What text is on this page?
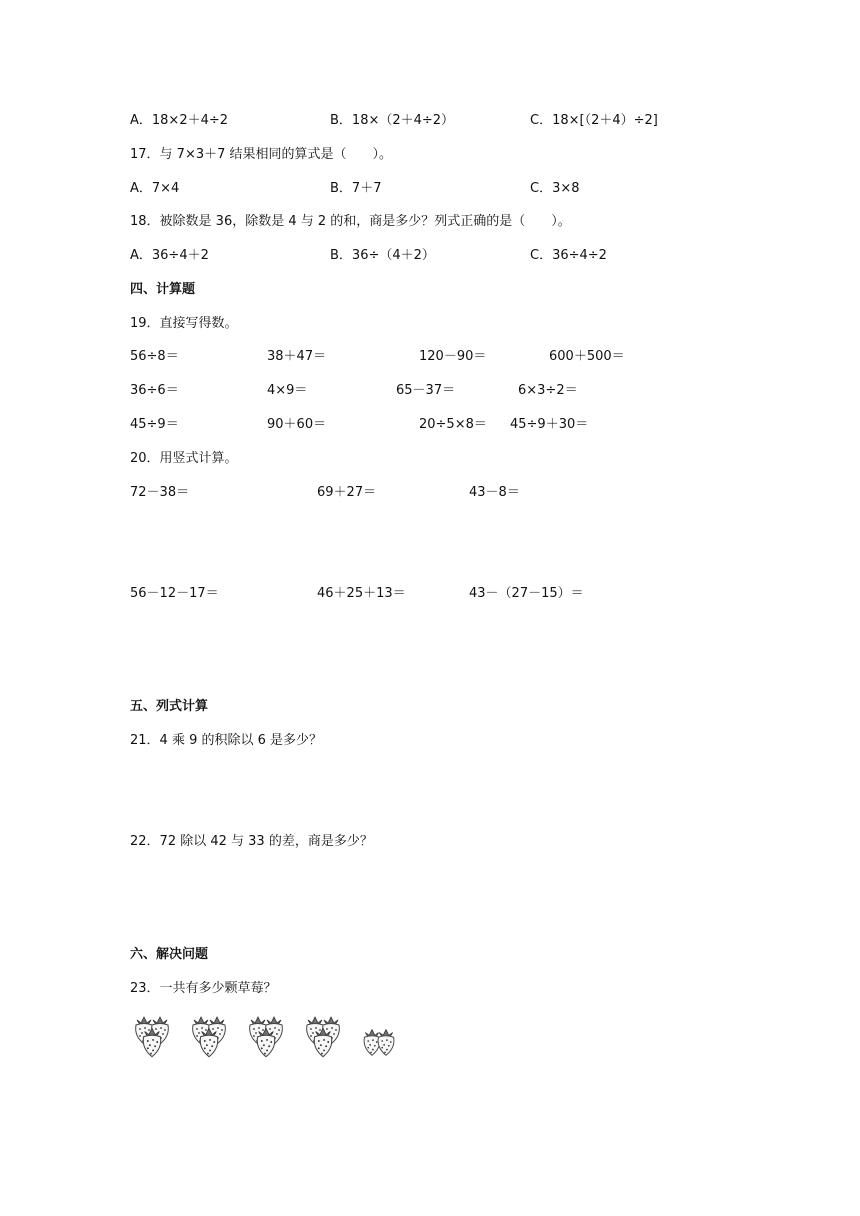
A．18×2＋4÷2	B．18×（2＋4÷2）	C．18×[（2＋4）÷2]
17．与 7×3＋7 结果相同的算式是（　　）。
A．7×4	B．7＋7	C．3×8
18．被除数是 36，除数是 4 与 2 的和，商是多少？列式正确的是（　　）。
A．36÷4＋2	B．36÷（4＋2）	C．36÷4÷2
四、计算题
19．直接写得数。
56÷8＝	38＋47＝	120－90＝	600＋500＝
36÷6＝	4×9＝	65－37＝	6×3÷2＝
45÷9＝	90＋60＝	20÷5×8＝ 45÷9＋30＝
20．用竖式计算。
72－38＝	69＋27＝	43－8＝
56－12－17＝	46＋25＋13＝	43－（27－15）＝
五、列式计算
21．4 乘 9 的积除以 6 是多少？
22．72 除以 42 与 33 的差，商是多少？
六、解决问题
23．一共有多少颗草莓？
